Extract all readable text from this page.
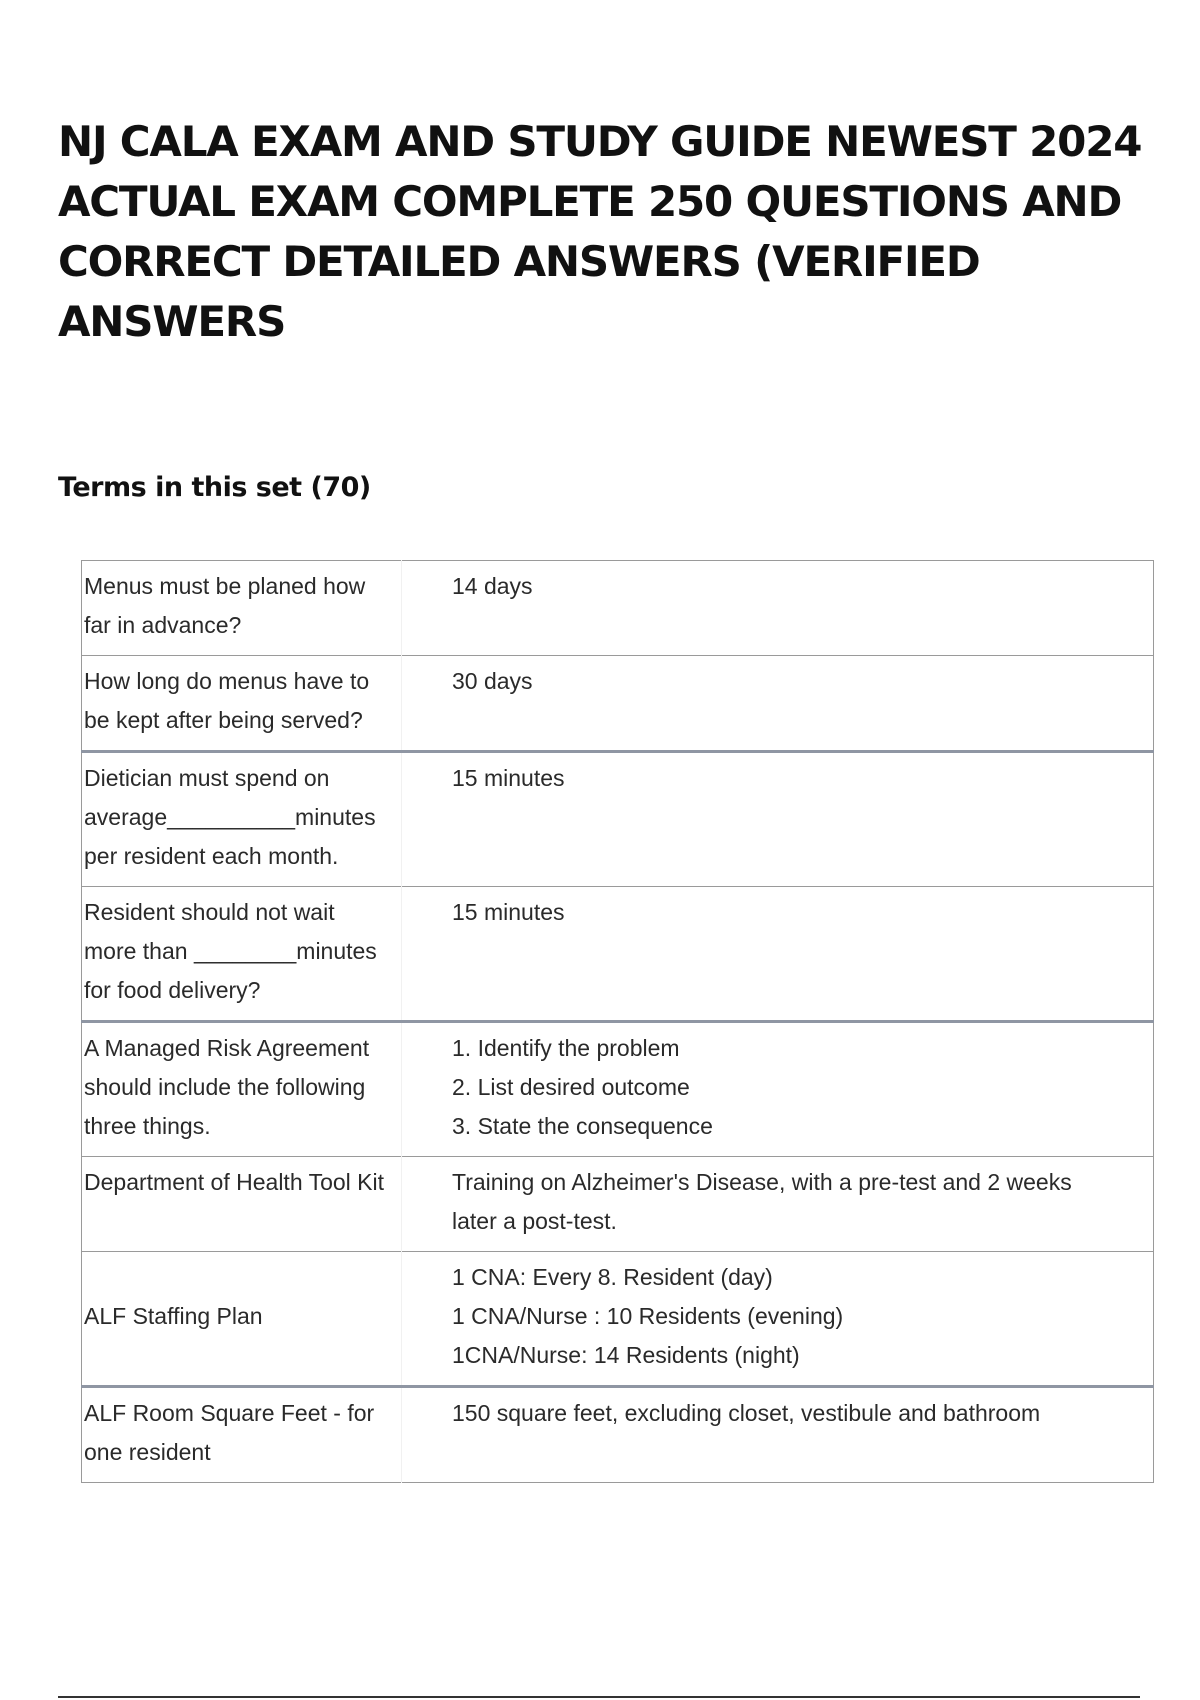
NJ CALA EXAM AND STUDY GUIDE NEWEST 2024 ACTUAL EXAM COMPLETE 250 QUESTIONS AND CORRECT DETAILED ANSWERS (VERIFIED ANSWERS
Terms in this set (70)
Menus must be planed how far in advance?	14 days

How long do menus have to be kept after being served?	30 days

Dietician must spend on average__________minutes per resident each month.	15 minutes

Resident should not wait more than ________minutes for food delivery?	15 minutes

A Managed Risk Agreement should include the following three things.	1. Identify the problem
2. List desired outcome
3. State the consequence

Department of Health Tool Kit	Training on Alzheimer's Disease, with a pre-test and 2 weeks later a post-test.

ALF Staffing Plan	1 CNA: Every 8. Resident (day)
1 CNA/Nurse : 10 Residents (evening)
1CNA/Nurse: 14 Residents (night)

ALF Room Square Feet - for one resident	150 square feet, excluding closet, vestibule and bathroom
